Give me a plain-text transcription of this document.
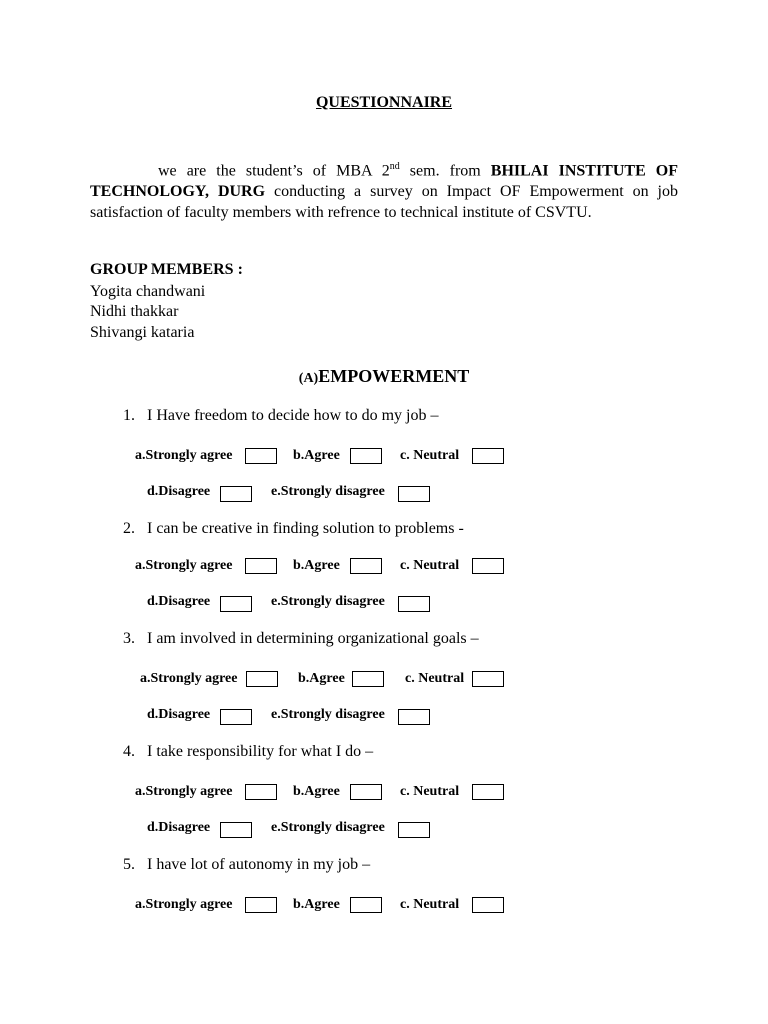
QUESTIONNAIRE
we are the student’s of MBA 2nd sem. from BHILAI INSTITUTE OF TECHNOLOGY, DURG conducting a survey on Impact OF Empowerment on job satisfaction of faculty members with refrence to technical institute of CSVTU.
GROUP MEMBERS :
Yogita chandwani
Nidhi thakkar
Shivangi kataria
(A)EMPOWERMENT
1. I Have freedom to decide how to do my job –
a.Strongly agree	b.Agree	c. Neutral
d.Disagree	e.Strongly disagree
2. I can be creative in finding solution to problems -
a.Strongly agree	b.Agree	c. Neutral
d.Disagree	e.Strongly disagree
3. I am involved in determining organizational goals –
a.Strongly agree	b.Agree	c. Neutral
d.Disagree	e.Strongly disagree
4. I take responsibility for what I do –
a.Strongly agree	b.Agree	c. Neutral
d.Disagree	e.Strongly disagree
5. I have lot of autonomy in my job –
a.Strongly agree	b.Agree	c. Neutral
